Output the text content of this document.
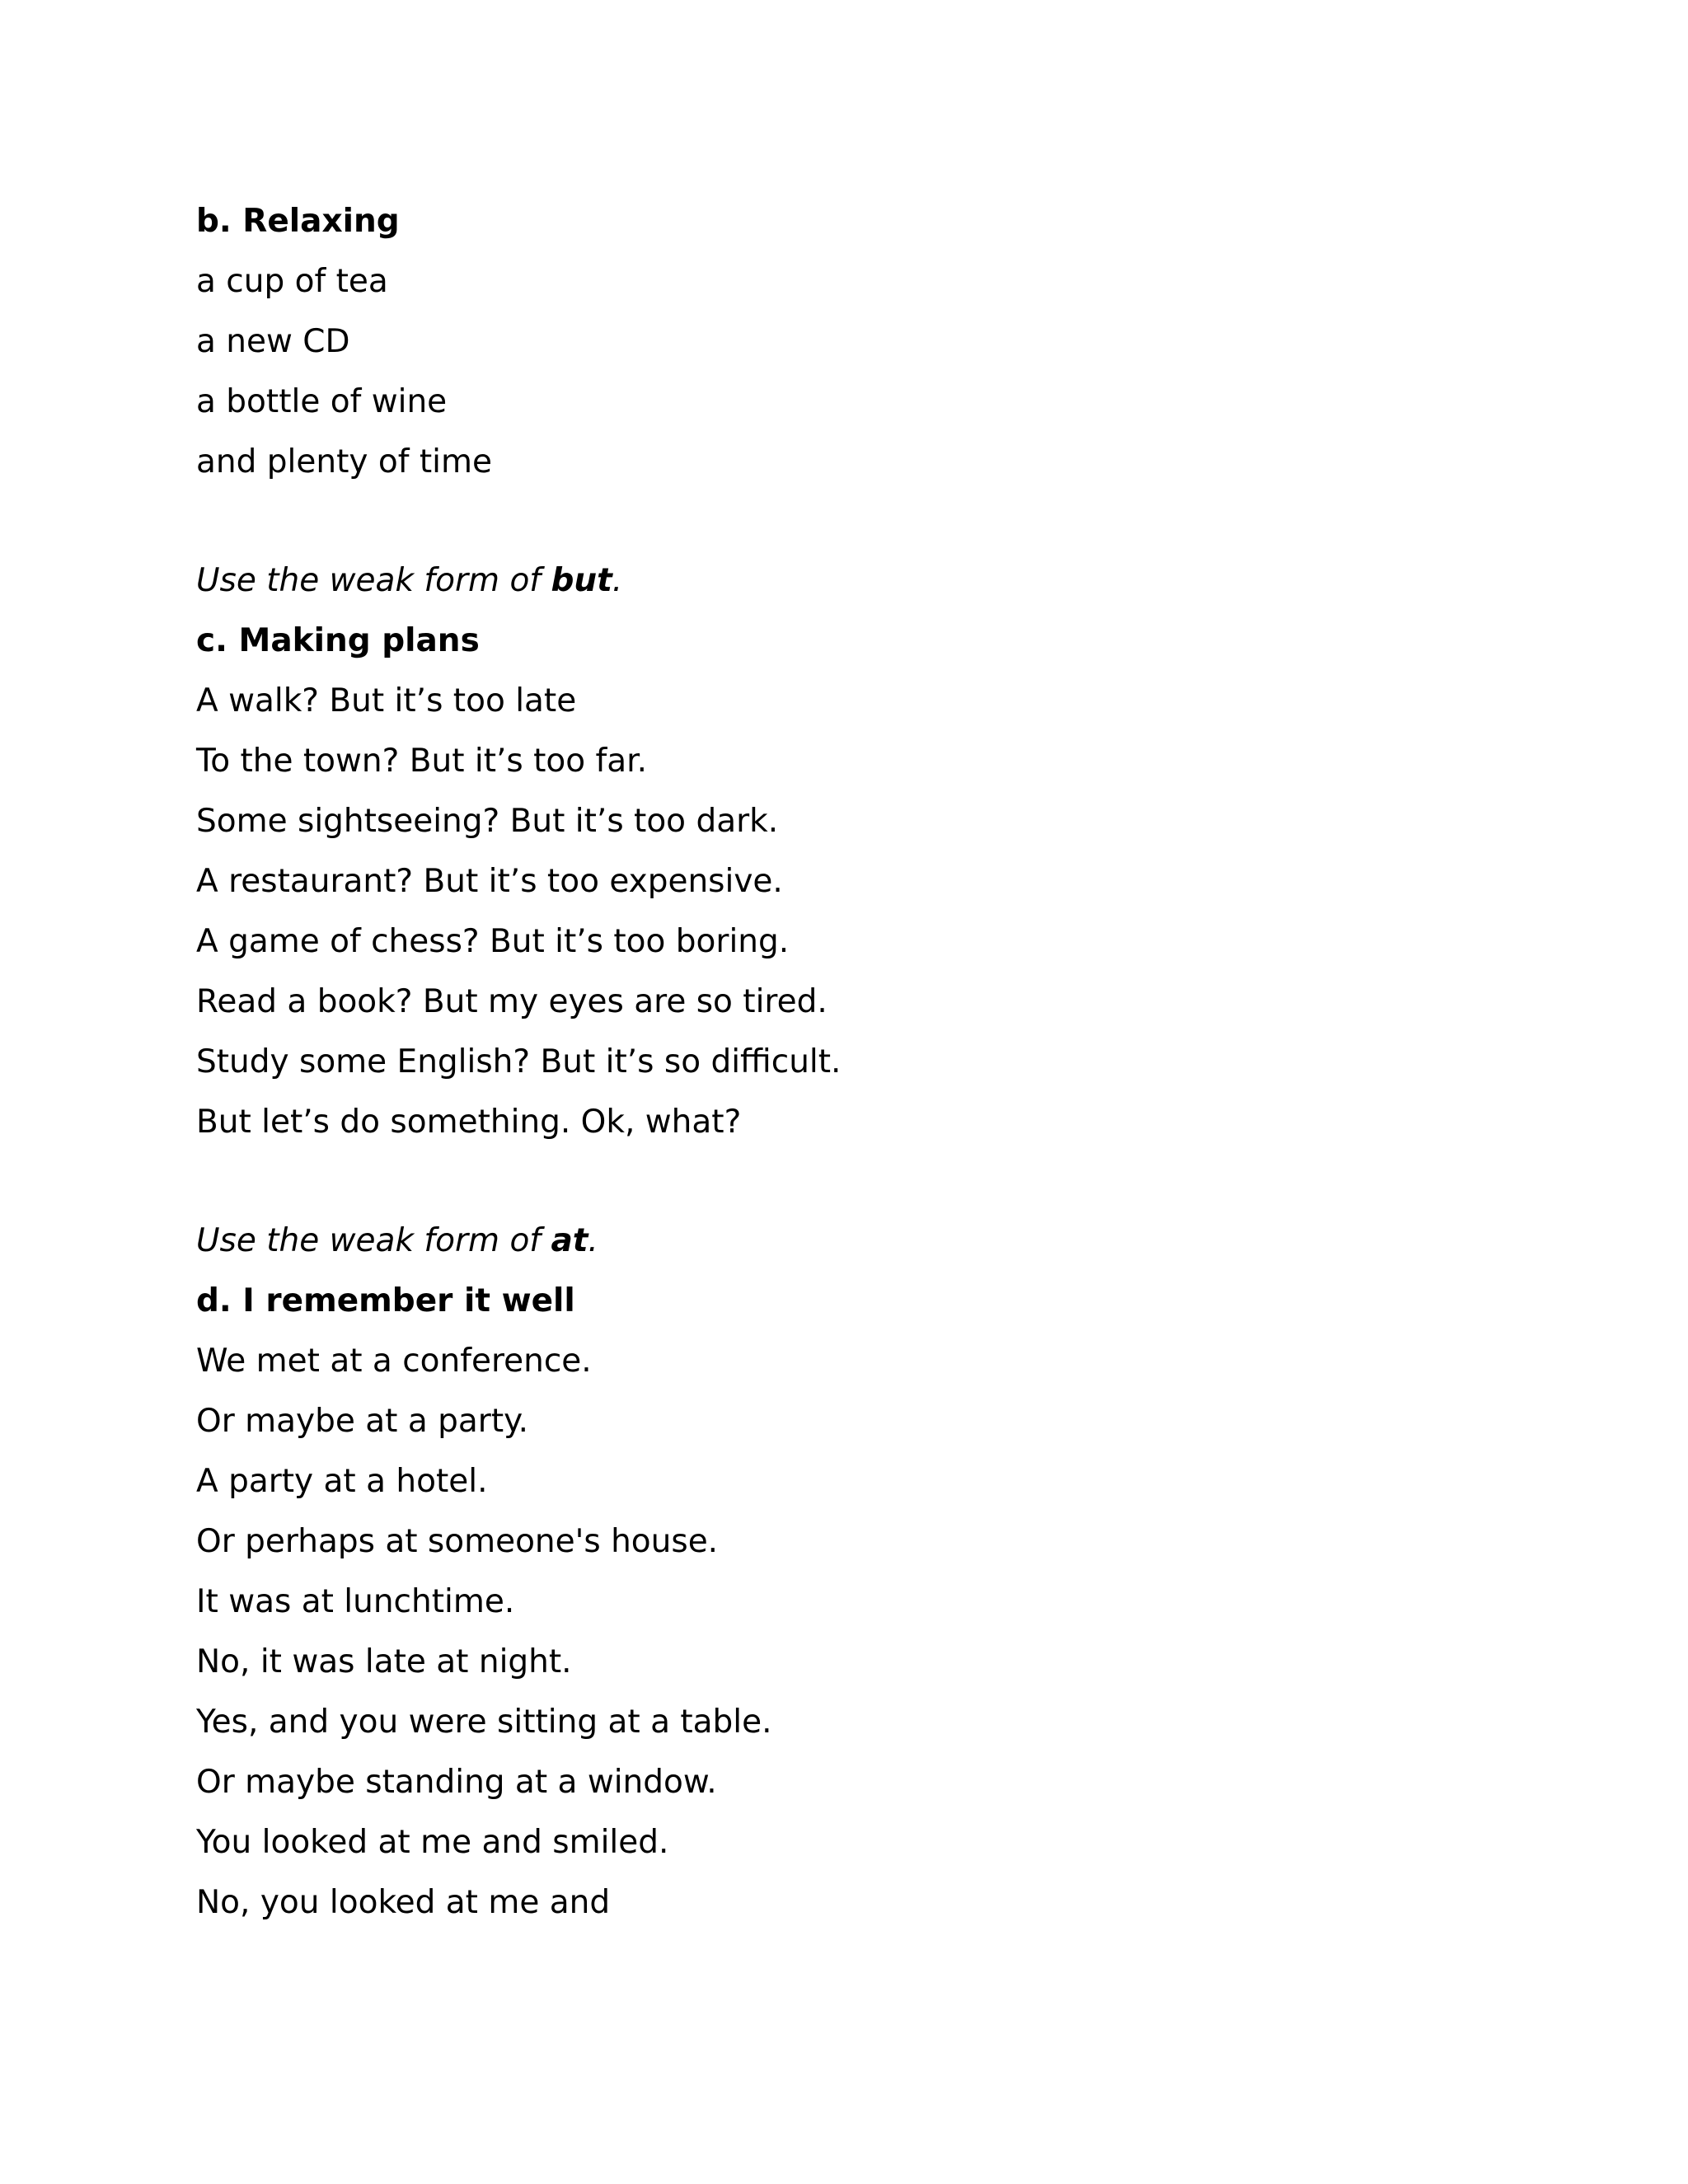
b. Relaxing
a cup of tea
a new CD
a bottle of wine
and plenty of time
Use the weak form of but.
c. Making plans
A walk? But it’s too late
To the town? But it’s too far.
Some sightseeing? But it’s too dark.
A restaurant? But it’s too expensive.
A game of chess? But it’s too boring.
Read a book? But my eyes are so tired.
Study some English? But it’s so difficult.
But let’s do something. Ok, what?
Use the weak form of at.
d. I remember it well
We met at a conference.
Or maybe at a party.
A party at a hotel.
Or perhaps at someone's house.
It was at lunchtime.
No, it was late at night.
Yes, and you were sitting at a table.
Or maybe standing at a window.
You looked at me and smiled.
No, you looked at me and
